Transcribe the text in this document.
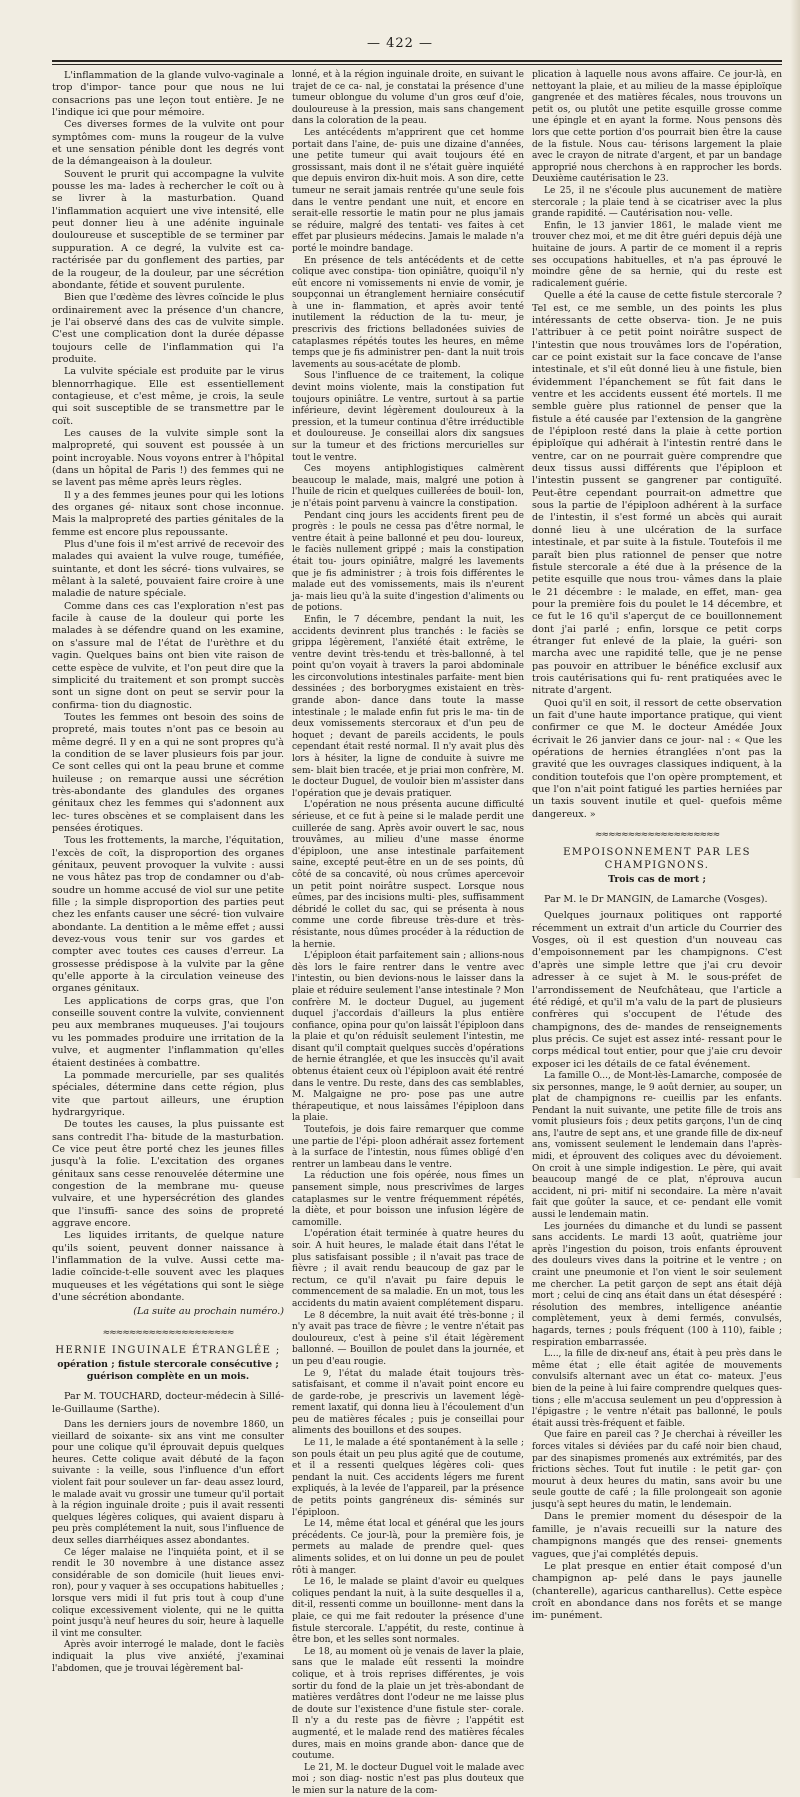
— 422 —

L'inflammation de la glande vulvo-vaginale a trop d'impor- tance pour que nous ne lui consacrions pas une leçon tout entière. Je ne l'indique ici que pour mémoire.

Ces diverses formes de la vulvite ont pour symptômes com- muns la rougeur de la vulve et une sensation pénible dont les degrés vont de la démangeaison à la douleur.

Souvent le prurit qui accompagne la vulvite pousse les ma- lades à rechercher le coït ou à se livrer à la masturbation. Quand l'inflammation acquiert une vive intensité, elle peut donner lieu à une adénite inguinale douloureuse et susceptible de se terminer par suppuration. A ce degré, la vulvite est ca- ractérisée par du gonflement des parties, par de la rougeur, de la douleur, par une sécrétion abondante, fétide et souvent purulente.

Bien que l'œdème des lèvres coïncide le plus ordinairement avec la présence d'un chancre, je l'ai observé dans des cas de vulvite simple. C'est une complication dont la durée dépasse toujours celle de l'inflammation qui l'a produite.

La vulvite spéciale est produite par le virus blennorrhagique. Elle est essentiellement contagieuse, et c'est même, je crois, la seule qui soit susceptible de se transmettre par le coït.

Les causes de la vulvite simple sont la malpropreté, qui souvent est poussée à un point incroyable. Nous voyons entrer à l'hôpital (dans un hôpital de Paris !) des femmes qui ne se lavent pas même après leurs règles.

Il y a des femmes jeunes pour qui les lotions des organes gé- nitaux sont chose inconnue. Mais la malpropreté des parties génitales de la femme est encore plus repoussante.

Plus d'une fois il m'est arrivé de recevoir des malades qui avaient la vulve rouge, tuméfiée, suintante, et dont les sécré- tions vulvaires, se mêlant à la saleté, pouvaient faire croire à une maladie de nature spéciale.

Comme dans ces cas l'exploration n'est pas facile à cause de la douleur qui porte les malades à se défendre quand on les examine, on s'assure mal de l'état de l'urèthre et du vagin. Quelques bains ont bien vite raison de cette espèce de vulvite, et l'on peut dire que la simplicité du traitement et son prompt succès sont un signe dont on peut se servir pour la confirma- tion du diagnostic.

Toutes les femmes ont besoin des soins de propreté, mais toutes n'ont pas ce besoin au même degré. Il y en a qui ne sont propres qu'à la condition de se laver plusieurs fois par jour. Ce sont celles qui ont la peau brune et comme huileuse ; on remarque aussi une sécrétion très-abondante des glandules des organes génitaux chez les femmes qui s'adonnent aux lec- tures obscènes et se complaisent dans les pensées érotiques.

Tous les frottements, la marche, l'équitation, l'excès de coït, la disproportion des organes génitaux, peuvent provoquer la vulvite : aussi ne vous hâtez pas trop de condamner ou d'ab- soudre un homme accusé de viol sur une petite fille ; la simple disproportion des parties peut chez les enfants causer une sécré- tion vulvaire abondante. La dentition a le même effet ; aussi devez-vous vous tenir sur vos gardes et compter avec toutes ces causes d'erreur. La grossesse prédispose à la vulvite par la gêne qu'elle apporte à la circulation veineuse des organes génitaux.

Les applications de corps gras, que l'on conseille souvent contre la vulvite, conviennent peu aux membranes muqueuses. J'ai toujours vu les pommades produire une irritation de la vulve, et augmenter l'inflammation qu'elles étaient destinées à combattre.

La pommade mercurielle, par ses qualités spéciales, détermine dans cette région, plus vite que partout ailleurs, une éruption hydrargyrique.

De toutes les causes, la plus puissante est sans contredit l'ha- bitude de la masturbation. Ce vice peut être porté chez les jeunes filles jusqu'à la folie. L'excitation des organes génitaux sans cesse renouvelée détermine une congestion de la membrane mu- queuse vulvaire, et une hypersécrétion des glandes que l'insuffi- sance des soins de propreté aggrave encore.

Les liquides irritants, de quelque nature qu'ils soient, peuvent donner naissance à l'inflammation de la vulve. Aussi cette ma- ladie coïncide-t-elle souvent avec les plaques muqueuses et les végétations qui sont le siège d'une sécrétion abondante.

(La suite au prochain numéro.)

≈≈≈≈≈≈≈≈≈≈≈≈≈≈≈≈≈≈≈≈
HERNIE INGUINALE ÉTRANGLÉE ;
opération ; fistule stercorale consécutive ; guérison complète en un mois.

Par M. TOUCHARD, docteur-médecin à Sillé-le-Guillaume (Sarthe).

Dans les derniers jours de novembre 1860, un vieillard de soixante- six ans vint me consulter pour une colique qu'il éprouvait depuis quelques heures. Cette colique avait débuté de la façon suivante : la veille, sous l'influence d'un effort violent fait pour soulever un far- deau assez lourd, le malade avait vu grossir une tumeur qu'il portait à la région inguinale droite ; puis il avait ressenti quelques légères coliques, qui avaient disparu à peu près complétement la nuit, sous l'influence de deux selles diarrhéiques assez abondantes.

Ce léger malaise ne l'inquiéta point, et il se rendit le 30 novembre à une distance assez considérable de son domicile (huit lieues envi- ron), pour y vaquer à ses occupations habituelles ; lorsque vers midi il fut pris tout à coup d'une colique excessivement violente, qui ne le quitta point jusqu'à neuf heures du soir, heure à laquelle il vint me consulter.

Après avoir interrogé le malade, dont le faciès indiquait la plus vive anxiété, j'examinai l'abdomen, que je trouvai légèrement bal-

lonné, et à la région inguinale droite, en suivant le trajet de ce ca- nal, je constatai la présence d'une tumeur oblongue du volume d'un gros œuf d'oie, douloureuse à la pression, mais sans changement dans la coloration de la peau.

Les antécédents m'apprirent que cet homme portait dans l'aine, de- puis une dizaine d'années, une petite tumeur qui avait toujours été en grossissant, mais dont il ne s'était guère inquiété que depuis environ dix-huit mois. A son dire, cette tumeur ne serait jamais rentrée qu'une seule fois dans le ventre pendant une nuit, et encore en serait-elle ressortie le matin pour ne plus jamais se réduire, malgré des tentati- ves faites à cet effet par plusieurs médecins. Jamais le malade n'a porté le moindre bandage.

En présence de tels antécédents et de cette colique avec constipa- tion opiniâtre, quoiqu'il n'y eût encore ni vomissements ni envie de vomir, je soupçonnai un étranglement herniaire consécutif à une in- flammation, et après avoir tenté inutilement la réduction de la tu- meur, je prescrivis des frictions belladonées suivies de cataplasmes répétés toutes les heures, en même temps que je fis administrer pen- dant la nuit trois lavements au sous-acétate de plomb.

Sous l'influence de ce traitement, la colique devint moins violente, mais la constipation fut toujours opiniâtre. Le ventre, surtout à sa partie inférieure, devint légèrement douloureux à la pression, et la tumeur continua d'être irréductible et douloureuse. Je conseillai alors dix sangsues sur la tumeur et des frictions mercurielles sur tout le ventre.

Ces moyens antiphlogistiques calmèrent beaucoup le malade, mais, malgré une potion à l'huile de ricin et quelques cuillerées de bouil- lon, je n'étais point parvenu à vaincre la constipation.

Pendant cinq jours les accidents firent peu de progrès : le pouls ne cessa pas d'être normal, le ventre était à peine ballonné et peu dou- loureux, le faciès nullement grippé ; mais la constipation était tou- jours opiniâtre, malgré les lavements que je fis administrer ; à trois fois différentes le malade eut des vomissements, mais ils n'eurent ja- mais lieu qu'à la suite d'ingestion d'aliments ou de potions.

Enfin, le 7 décembre, pendant la nuit, les accidents devinrent plus tranchés : le faciès se grippa légèrement, l'anxiété était extrême, le ventre devint très-tendu et très-ballonné, à tel point qu'on voyait à travers la paroi abdominale les circonvolutions intestinales parfaite- ment bien dessinées ; des borborygmes existaient en très-grande abon- dance dans toute la masse intestinale ; le malade enfin fut pris le ma- tin de deux vomissements stercoraux et d'un peu de hoquet ; devant de pareils accidents, le pouls cependant était resté normal. Il n'y avait plus dès lors à hésiter, la ligne de conduite à suivre me sem- blait bien tracée, et je priai mon confrère, M. le docteur Duguel, de vouloir bien m'assister dans l'opération que je devais pratiquer.

L'opération ne nous présenta aucune difficulté sérieuse, et ce fut à peine si le malade perdit une cuillerée de sang. Après avoir ouvert le sac, nous trouvâmes, au milieu d'une masse énorme d'épiploon, une anse intestinale parfaitement saine, excepté peut-être en un de ses points, dû côté de sa concavité, où nous crûmes apercevoir un petit point noirâtre suspect. Lorsque nous eûmes, par des incisions multi- ples, suffisamment débridé le collet du sac, qui se présenta à nous comme une corde fibreuse très-dure et très-résistante, nous dûmes procéder à la réduction de la hernie.

L'épiploon était parfaitement sain ; allions-nous dès lors le faire rentrer dans le ventre avec l'intestin, ou bien devions-nous le laisser dans la plaie et réduire seulement l'anse intestinale ? Mon confrère M. le docteur Duguel, au jugement duquel j'accordais d'ailleurs la plus entière confiance, opina pour qu'on laissât l'épiploon dans la plaie et qu'on réduisît seulement l'intestin, me disant qu'il comptait quelques succès d'opérations de hernie étranglée, et que les insuccès qu'il avait obtenus étaient ceux où l'épiploon avait été rentré dans le ventre. Du reste, dans des cas semblables, M. Malgaigne ne pro- pose pas une autre thérapeutique, et nous laissâmes l'épiploon dans la plaie.

Toutefois, je dois faire remarquer que comme une partie de l'épi- ploon adhérait assez fortement à la surface de l'intestin, nous fûmes obligé d'en rentrer un lambeau dans le ventre.

La réduction une fois opérée, nous fîmes un pansement simple, nous prescrivîmes de larges cataplasmes sur le ventre fréquemment répétés, la diète, et pour boisson une infusion légère de camomille.

L'opération était terminée à quatre heures du soir. A huit heures, le malade était dans l'état le plus satisfaisant possible ; il n'avait pas trace de fièvre ; il avait rendu beaucoup de gaz par le rectum, ce qu'il n'avait pu faire depuis le commencement de sa maladie. En un mot, tous les accidents du matin avaient complétement disparu.

Le 8 décembre, la nuit avait été très-bonne ; il n'y avait pas trace de fièvre ; le ventre n'était pas douloureux, c'est à peine s'il était légèrement ballonné. — Bouillon de poulet dans la journée, et un peu d'eau rougie.

Le 9, l'état du malade était toujours très-satisfaisant, et comme il n'avait point encore eu de garde-robe, je prescrivis un lavement légè- rement laxatif, qui donna lieu à l'écoulement d'un peu de matières fécales ; puis je conseillai pour aliments des bouillons et des soupes.

Le 11, le malade a été spontanément à la selle ; son pouls était un peu plus agité que de coutume, et il a ressenti quelques légères coli- ques pendant la nuit. Ces accidents légers me furent expliqués, à la levée de l'appareil, par la présence de petits points gangréneux dis- séminés sur l'épiploon.

Le 14, même état local et général que les jours précédents. Ce jour-là, pour la première fois, je permets au malade de prendre quel- ques aliments solides, et on lui donne un peu de poulet rôti à manger.

Le 16, le malade se plaint d'avoir eu quelques coliques pendant la nuit, à la suite desquelles il a, dit-il, ressenti comme un bouillonne- ment dans la plaie, ce qui me fait redouter la présence d'une fistule stercorale. L'appétit, du reste, continue à être bon, et les selles sont normales.

Le 18, au moment où je venais de laver la plaie, sans que le malade eût ressenti la moindre colique, et à trois reprises différentes, je vois sortir du fond de la plaie un jet très-abondant de matières verdâtres dont l'odeur ne me laisse plus de doute sur l'existence d'une fistule ster- corale. Il n'y a du reste pas de fièvre ; l'appétit est augmenté, et le malade rend des matières fécales dures, mais en moins grande abon- dance que de coutume.

Le 21, M. le docteur Duguel voit le malade avec moi ; son diag- nostic n'est pas plus douteux que le mien sur la nature de la com-

plication à laquelle nous avons affaire. Ce jour-là, en nettoyant la plaie, et au milieu de la masse épiploïque gangrenée et des matières fécales, nous trouvons un petit os, ou plutôt une petite esquille grosse comme une épingle et en ayant la forme. Nous pensons dès lors que cette portion d'os pourrait bien être la cause de la fistule. Nous cau- térisons largement la plaie avec le crayon de nitrate d'argent, et par un bandage approprié nous cherchons à en rapprocher les bords. Deuxième cautérisation le 23.

Le 25, il ne s'écoule plus aucunement de matière stercorale ; la plaie tend à se cicatriser avec la plus grande rapidité. — Cautérisation nou- velle.

Enfin, le 13 janvier 1861, le malade vient me trouver chez moi, et me dit être guéri depuis déjà une huitaine de jours. A partir de ce moment il a repris ses occupations habituelles, et n'a pas éprouvé le moindre gêne de sa hernie, qui du reste est radicalement guérie.

Quelle a été la cause de cette fistule stercorale ? Tel est, ce me semble, un des points les plus intéressants de cette observa- tion. Je ne puis l'attribuer à ce petit point noirâtre suspect de l'intestin que nous trouvâmes lors de l'opération, car ce point existait sur la face concave de l'anse intestinale, et s'il eût donné lieu à une fistule, bien évidemment l'épanchement se fût fait dans le ventre et les accidents eussent été mortels. Il me semble guère plus rationnel de penser que la fistule a été causée par l'extension de la gangrène de l'épiploon resté dans la plaie à cette portion épiploïque qui adhérait à l'intestin rentré dans le ventre, car on ne pourrait guère comprendre que deux tissus aussi différents que l'épiploon et l'intestin pussent se gangrener par contiguïté. Peut-être cependant pourrait-on admettre que sous la partie de l'épiploon adhérent à la surface de l'intestin, il s'est formé un abcès qui aurait donné lieu à une ulcération de la surface intestinale, et par suite à la fistule. Toutefois il me paraît bien plus rationnel de penser que notre fistule stercorale a été due à la présence de la petite esquille que nous trou- vâmes dans la plaie le 21 décembre : le malade, en effet, man- gea pour la première fois du poulet le 14 décembre, et ce fut le 16 qu'il s'aperçut de ce bouillonnement dont j'ai parlé ; enfin, lorsque ce petit corps étranger fut enlevé de la plaie, la guéri- son marcha avec une rapidité telle, que je ne pense pas pouvoir en attribuer le bénéfice exclusif aux trois cautérisations qui fu- rent pratiquées avec le nitrate d'argent.

Quoi qu'il en soit, il ressort de cette observation un fait d'une haute importance pratique, qui vient confirmer ce que M. le docteur Amédée Joux écrivait le 26 janvier dans ce jour- nal : « Que les opérations de hernies étranglées n'ont pas la gravité que les ouvrages classiques indiquent, à la condition toutefois que l'on opère promptement, et que l'on n'ait point fatigué les parties herniées par un taxis souvent inutile et quel- quefois même dangereux. »

≈≈≈≈≈≈≈≈≈≈≈≈≈≈≈≈≈≈≈
EMPOISONNEMENT PAR LES CHAMPIGNONS.
Trois cas de mort ;

Par M. le Dr MANGIN, de Lamarche (Vosges).

Quelques journaux politiques ont rapporté récemment un extrait d'un article du Courrier des Vosges, où il est question d'un nouveau cas d'empoisonnement par les champignons. C'est d'après une simple lettre que j'ai cru devoir adresser à ce sujet à M. le sous-préfet de l'arrondissement de Neufchâteau, que l'article a été rédigé, et qu'il m'a valu de la part de plusieurs confrères qui s'occupent de l'étude des champignons, des de- mandes de renseignements plus précis. Ce sujet est assez inté- ressant pour le corps médical tout entier, pour que j'aie cru devoir exposer ici les détails de ce fatal événement.

La famille O..., de Mont-lès-Lamarche, composée de six personnes, mange, le 9 août dernier, au souper, un plat de champignons re- cueillis par les enfants. Pendant la nuit suivante, une petite fille de trois ans vomit plusieurs fois ; deux petits garçons, l'un de cinq ans, l'autre de sept ans, et une grande fille de dix-neuf ans, vomissent seulement le lendemain dans l'après-midi, et éprouvent des coliques avec du dévoiement. On croit à une simple indigestion. Le père, qui avait beaucoup mangé de ce plat, n'éprouva aucun accident, ni pri- mitif ni secondaire. La mère n'avait fait que goûter la sauce, et ce- pendant elle vomit aussi le lendemain matin.

Les journées du dimanche et du lundi se passent sans accidents. Le mardi 13 août, quatrième jour après l'ingestion du poison, trois enfants éprouvent des douleurs vives dans la poitrine et le ventre ; on craint une pneumonie et l'on vient le soir seulement me chercher. La petit garçon de sept ans était déjà mort ; celui de cinq ans était dans un état désespéré : résolution des membres, intelligence anéantie complètement, yeux à demi fermés, convulsés, hagards, ternes ; pouls fréquent (100 à 110), faible ; respiration embarrassée.

L..., la fille de dix-neuf ans, était à peu près dans le même état ; elle était agitée de mouvements convulsifs alternant avec un état co- mateux. J'eus bien de la peine à lui faire comprendre quelques ques- tions ; elle m'accusa seulement un peu d'oppression à l'épigastre ; le ventre n'était pas ballonné, le pouls était aussi très-fréquent et faible.

Que faire en pareil cas ? Je cherchai à réveiller les forces vitales si déviées par du café noir bien chaud, par des sinapismes promenés aux extrémités, par des frictions sèches. Tout fut inutile : le petit gar- çon mourut à deux heures du matin, sans avoir bu une seule goutte de café ; la fille prolongeait son agonie jusqu'à sept heures du matin, le lendemain.

Dans le premier moment du désespoir de la famille, je n'avais recueilli sur la nature des champignons mangés que des rensei- gnements vagues, que j'ai complétés depuis.

Le plat presque en entier était composé d'un champignon ap- pelé dans le pays jaunelle (chanterelle), agaricus cantharellus). Cette espèce croît en abondance dans nos forêts et se mange im- punément.
